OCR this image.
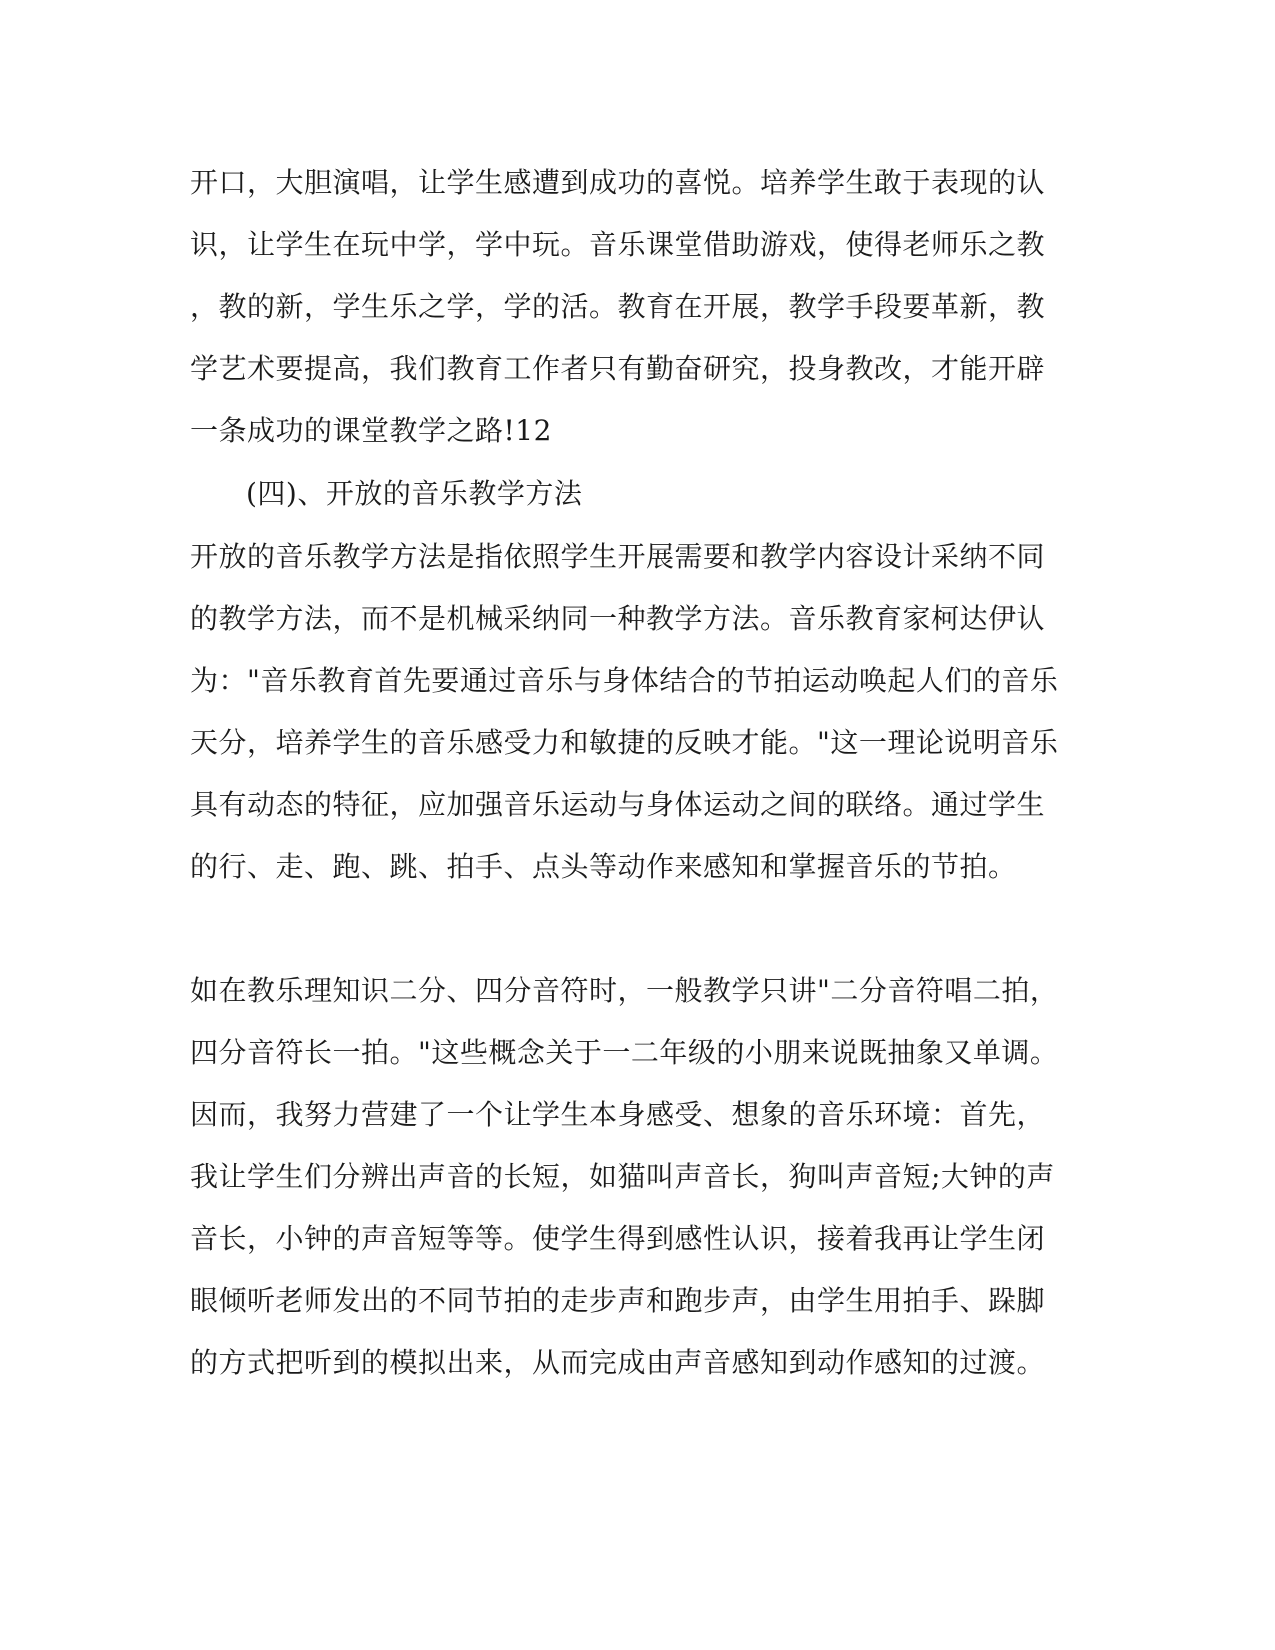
开口，大胆演唱，让学生感遭到成功的喜悦。培养学生敢于表现的认
识，让学生在玩中学，学中玩。音乐课堂借助游戏，使得老师乐之教
，教的新，学生乐之学，学的活。教育在开展，教学手段要革新，教
学艺术要提高，我们教育工作者只有勤奋研究，投身教改，才能开辟
一条成功的课堂教学之路!12
(四)、开放的音乐教学方法
开放的音乐教学方法是指依照学生开展需要和教学内容设计采纳不同
的教学方法，而不是机械采纳同一种教学方法。音乐教育家柯达伊认
为："音乐教育首先要通过音乐与身体结合的节拍运动唤起人们的音乐
天分，培养学生的音乐感受力和敏捷的反映才能。"这一理论说明音乐
具有动态的特征，应加强音乐运动与身体运动之间的联络。通过学生
的行、走、跑、跳、拍手、点头等动作来感知和掌握音乐的节拍。
如在教乐理知识二分、四分音符时，一般教学只讲"二分音符唱二拍，
四分音符长一拍。"这些概念关于一二年级的小朋来说既抽象又单调。
因而，我努力营建了一个让学生本身感受、想象的音乐环境：首先，
我让学生们分辨出声音的长短，如猫叫声音长，狗叫声音短;大钟的声
音长，小钟的声音短等等。使学生得到感性认识，接着我再让学生闭
眼倾听老师发出的不同节拍的走步声和跑步声，由学生用拍手、跺脚
的方式把听到的模拟出来，从而完成由声音感知到动作感知的过渡。
